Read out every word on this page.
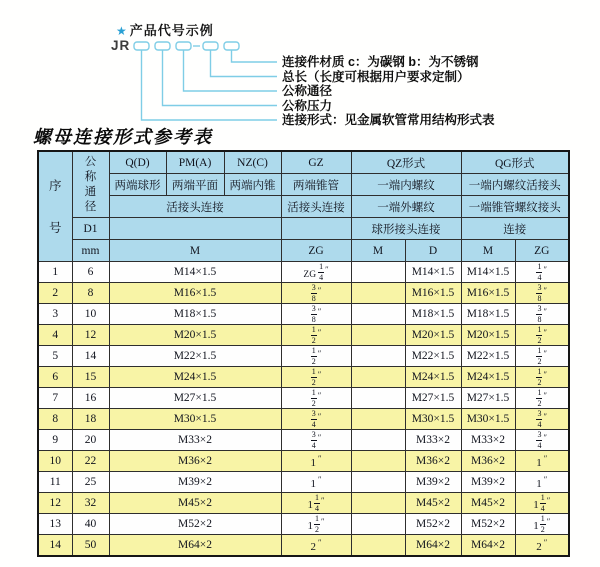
★ 产品代号示例
JR
连接件材质 c：为碳钢 b：为不锈钢
总长（长度可根据用户要求定制）
公称通径
公称压力
连接形式：见金属软管常用结构形式表
螺母连接形式参考表
序号	公称通径	Q(D)	PM(A)	NZ(C)	GZ	QZ形式		QG形式	
		两端球形	两端平面	两端内锥	两端锥管	一端内螺纹		一端内螺纹活接头	
		活接头连接			活接头连接	一端外螺纹		一端锥管螺纹接头	
	D1					球形接头连接		连接	
	mm	M			ZG	M	D	M	ZG
1	6	M14×1.5			ZG $\frac{1}{4} ''$		M14×1.5	M14×1.5	$\frac{1}{4} ''$
2	8	M16×1.5			$\frac{3}{8} ''$		M16×1.5	M16×1.5	$\frac{3}{8} ''$
3	10	M18×1.5			$\frac{3}{8} ''$		M18×1.5	M18×1.5	$\frac{3}{8} ''$
4	12	M20×1.5			$\frac{1}{2} ''$		M20×1.5	M20×1.5	$\frac{1}{2} ''$
5	14	M22×1.5			$\frac{1}{2} ''$		M22×1.5	M22×1.5	$\frac{1}{2} ''$
6	15	M24×1.5			$\frac{1}{2} ''$		M24×1.5	M24×1.5	$\frac{1}{2} ''$
7	16	M27×1.5			$\frac{1}{2} ''$		M27×1.5	M27×1.5	$\frac{1}{2} ''$
8	18	M30×1.5			$\frac{3}{4} ''$		M30×1.5	M30×1.5	$\frac{3}{4} ''$
9	20	M33×2			$\frac{3}{4} ''$		M33×2	M33×2	$\frac{3}{4} ''$
10	22	M36×2			1 ″		M36×2	M36×2	1 ″
11	25	M39×2			1 ″		M39×2	M39×2	1 ″
12	32	M45×2			$1 \frac{1}{4} ''$		M45×2	M45×2	$1 \frac{1}{4} ''$
13	40	M52×2			$1 \frac{1}{2} ''$		M52×2	M52×2	$1 \frac{1}{2} ''$
14	50	M64×2			2 ″		M64×2	M64×2	2 ″
